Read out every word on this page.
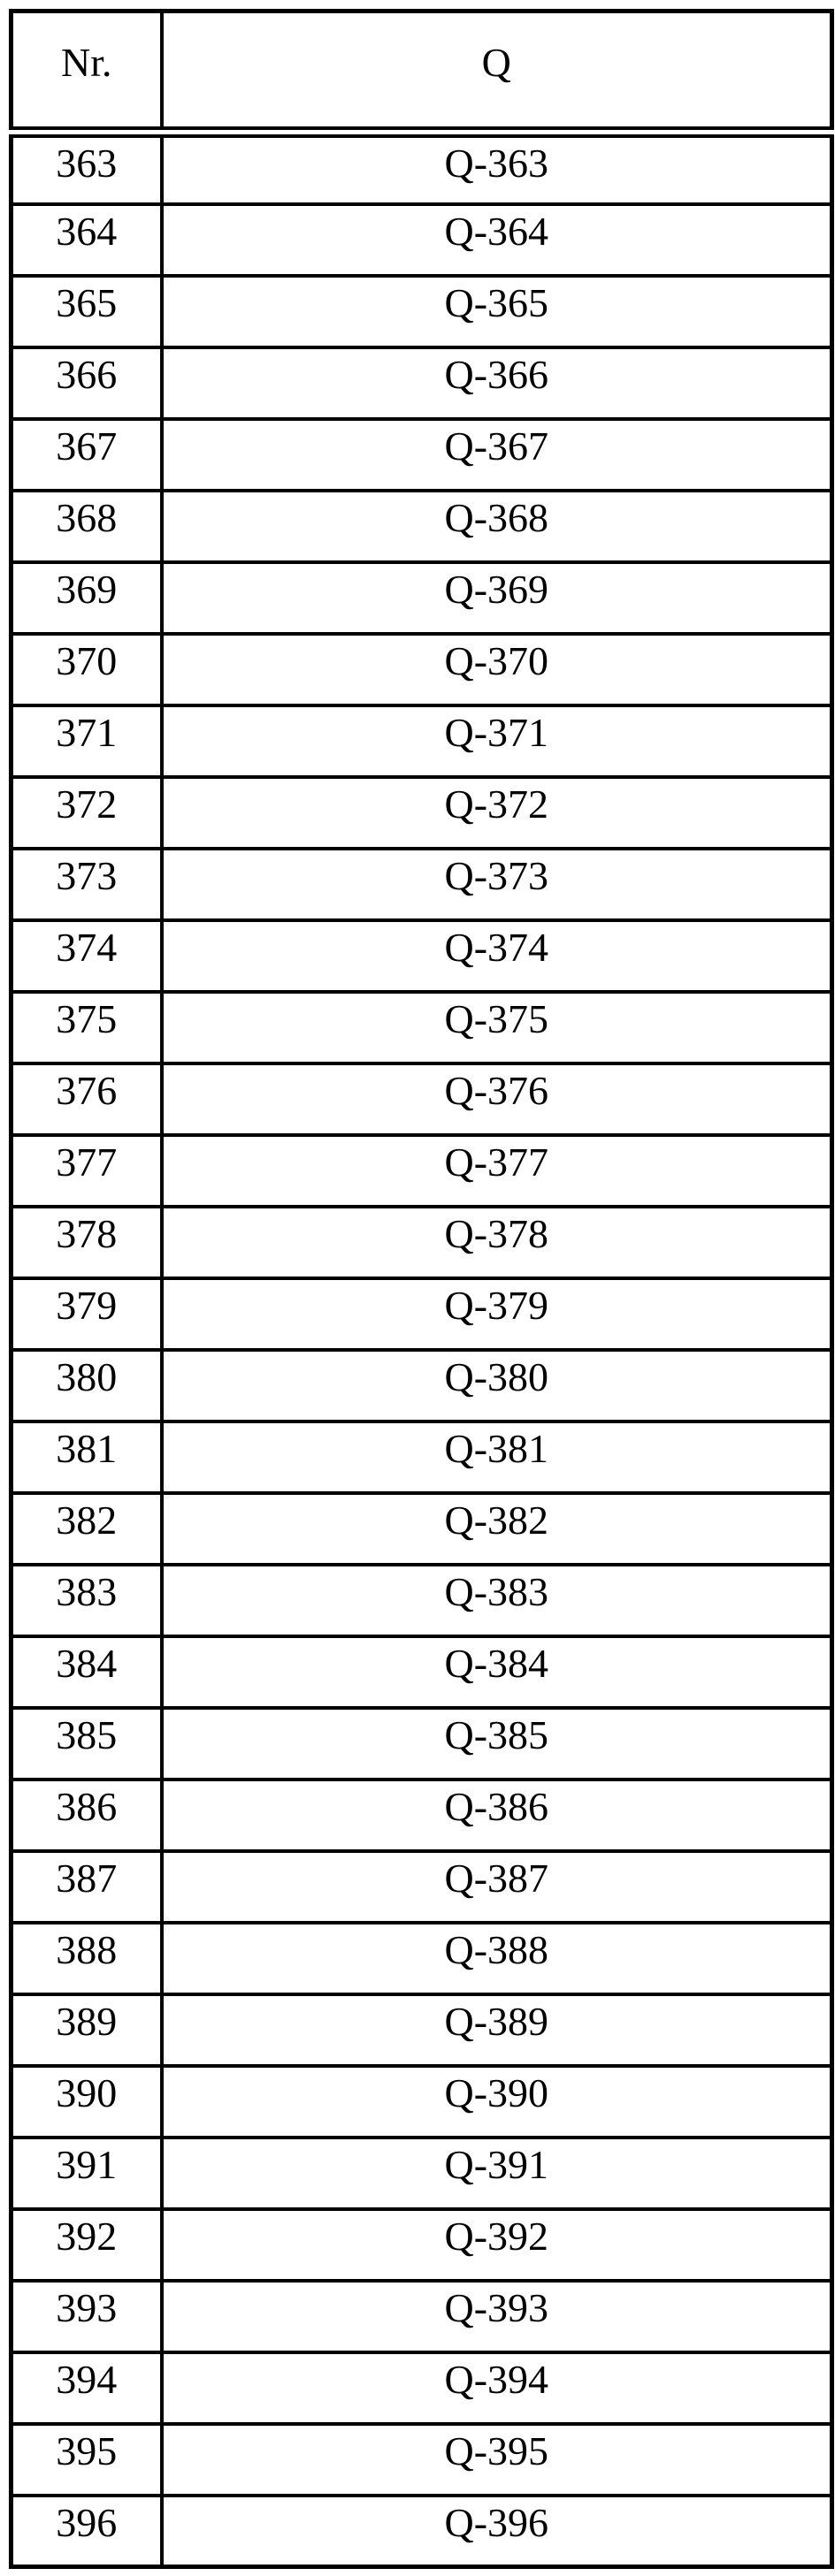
Nr.	Q
363	Q-363
364	Q-364
365	Q-365
366	Q-366
367	Q-367
368	Q-368
369	Q-369
370	Q-370
371	Q-371
372	Q-372
373	Q-373
374	Q-374
375	Q-375
376	Q-376
377	Q-377
378	Q-378
379	Q-379
380	Q-380
381	Q-381
382	Q-382
383	Q-383
384	Q-384
385	Q-385
386	Q-386
387	Q-387
388	Q-388
389	Q-389
390	Q-390
391	Q-391
392	Q-392
393	Q-393
394	Q-394
395	Q-395
396	Q-396
